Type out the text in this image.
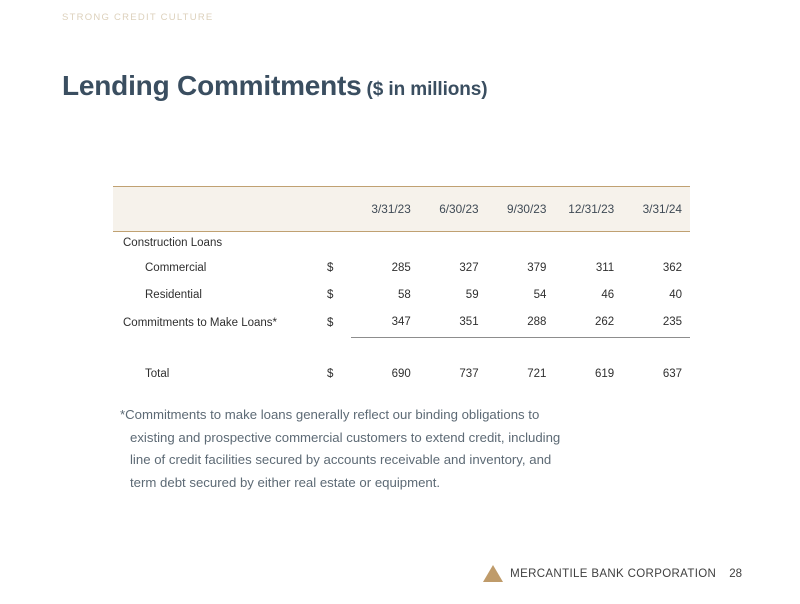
STRONG CREDIT CULTURE
Lending Commitments ($ in millions)
		3/31/23	6/30/23	9/30/23	12/31/23	3/31/24
Construction Loans						
Commercial	$	285	327	379	311	362
Residential	$	58	59	54	46	40
Commitments to Make Loans*	$	347	351	288	262	235

Total	$	690	737	721	619	637
*Commitments to make loans generally reflect our binding obligations to
existing and prospective commercial customers to extend credit, including
line of credit facilities secured by accounts receivable and inventory, and
term debt secured by either real estate or equipment.
MERCANTILE BANK CORPORATION 28
